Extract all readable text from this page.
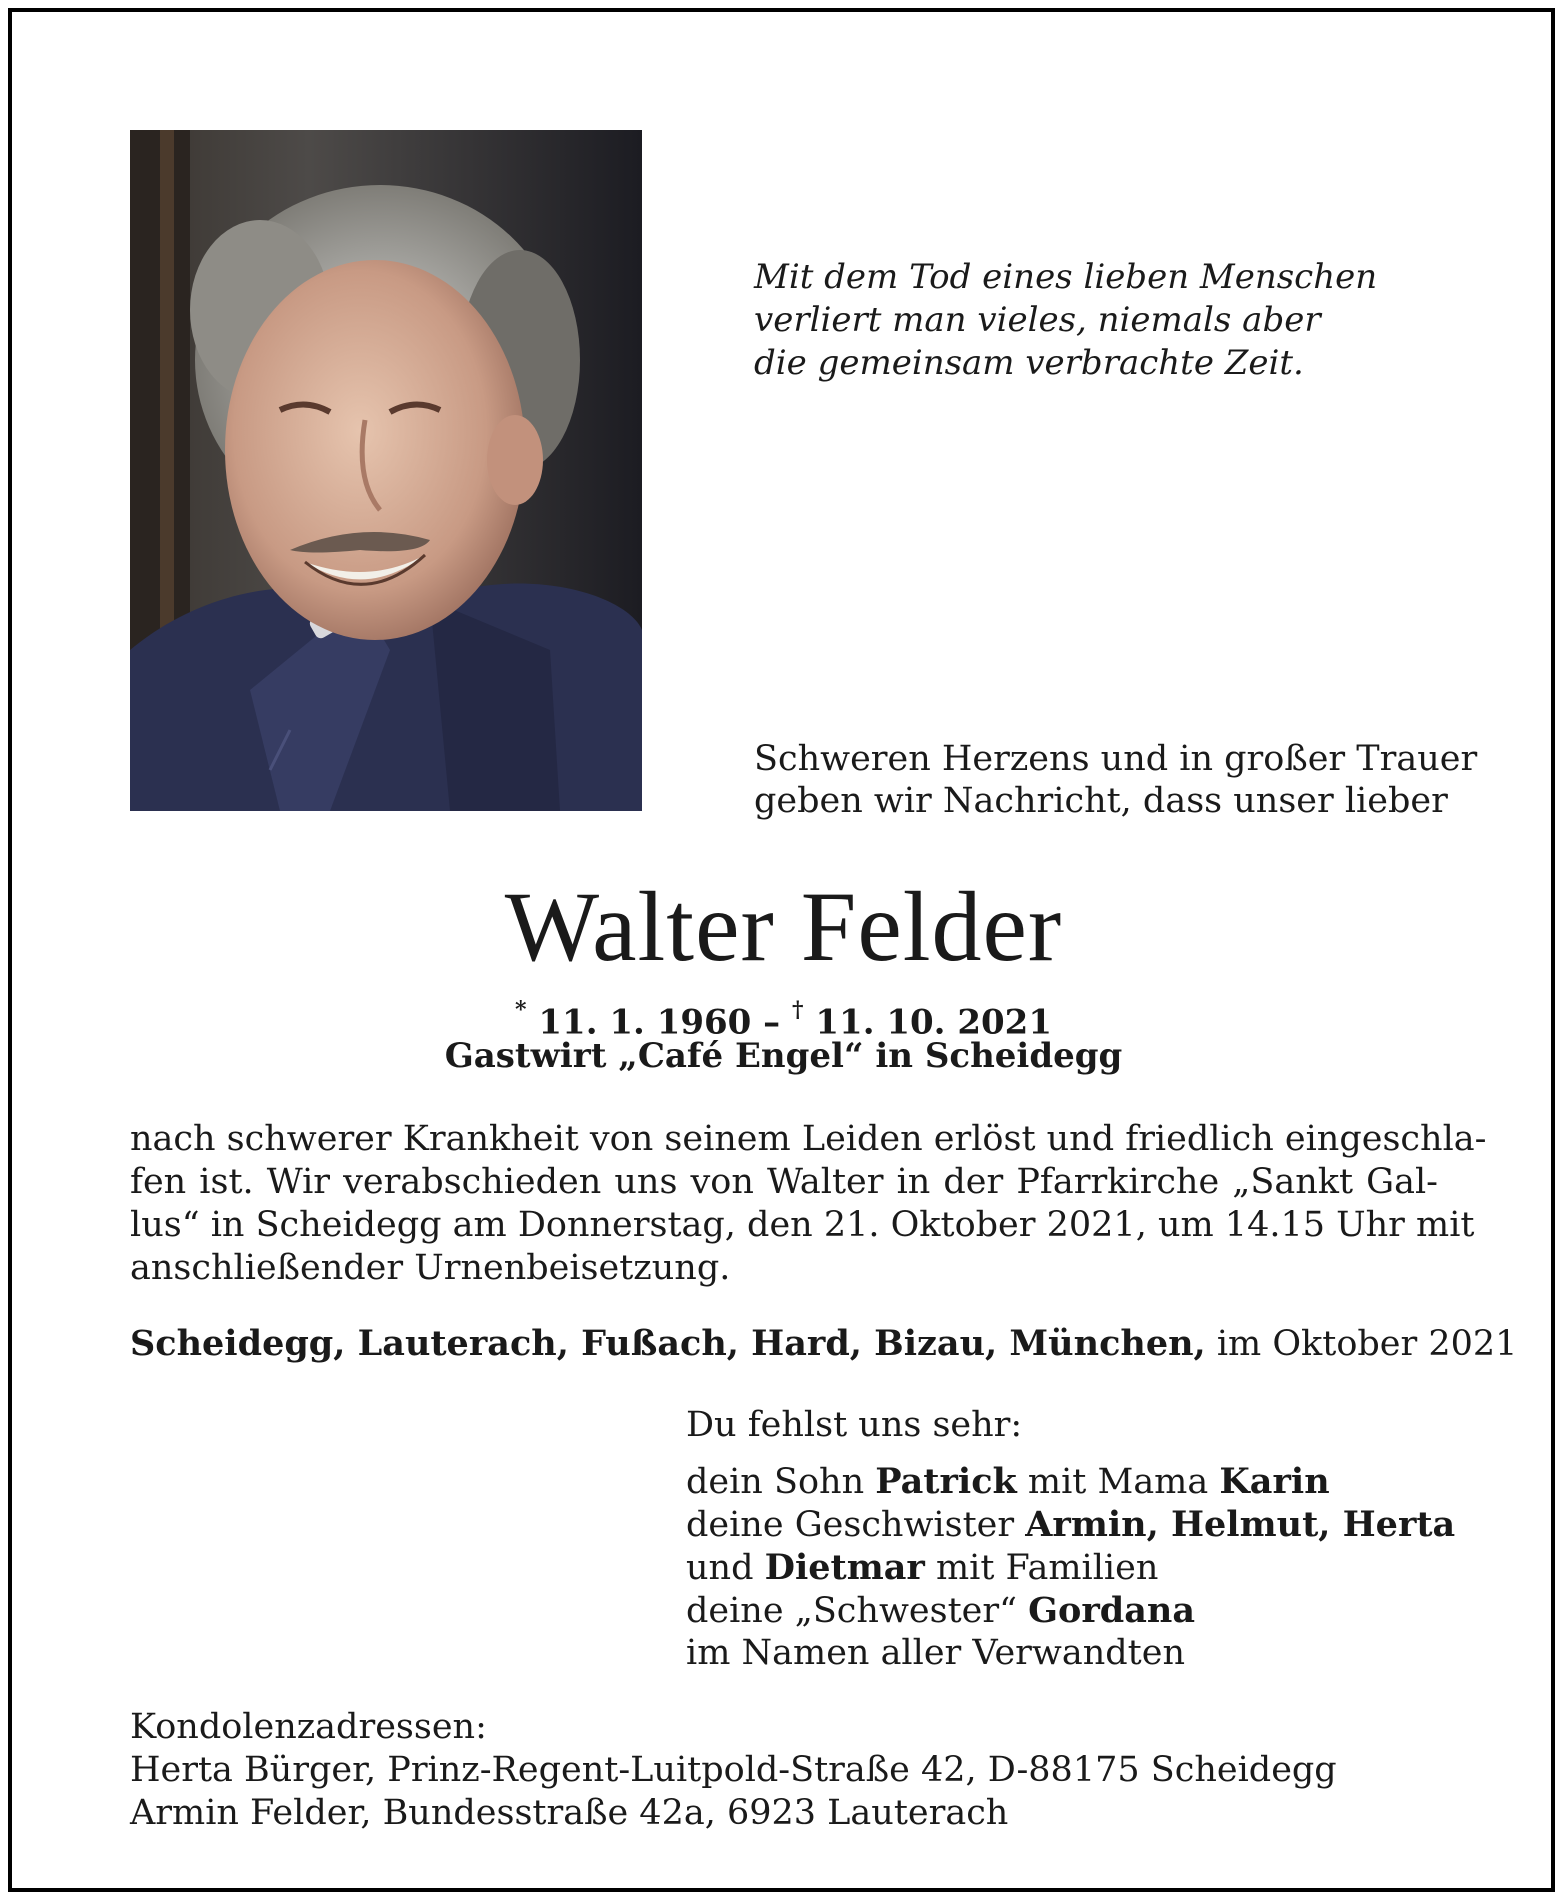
Mit dem Tod eines lieben Menschen
verliert man vieles, niemals aber
die gemeinsam verbrachte Zeit.
Schweren Herzens und in großer Trauer
geben wir Nachricht, dass unser lieber
Walter Felder
* 11. 1. 1960 – † 11. 10. 2021
Gastwirt „Café Engel“ in Scheidegg
nach schwerer Krankheit von seinem Leiden erlöst und friedlich eingeschla-
fen ist. Wir verabschieden uns von Walter in der Pfarrkirche „Sankt Gal-
lus“ in Scheidegg am Donnerstag, den 21. Oktober 2021, um 14.15 Uhr mit
anschließender Urnenbeisetzung.
Scheidegg, Lauterach, Fußach, Hard, Bizau, München, im Oktober 2021
Du fehlst uns sehr:
dein Sohn Patrick mit Mama Karin
deine Geschwister Armin, Helmut, Herta
und Dietmar mit Familien
deine „Schwester“ Gordana
im Namen aller Verwandten
Kondolenzadressen:
Herta Bürger, Prinz-Regent-Luitpold-Straße 42, D-88175 Scheidegg
Armin Felder, Bundesstraße 42a, 6923 Lauterach
